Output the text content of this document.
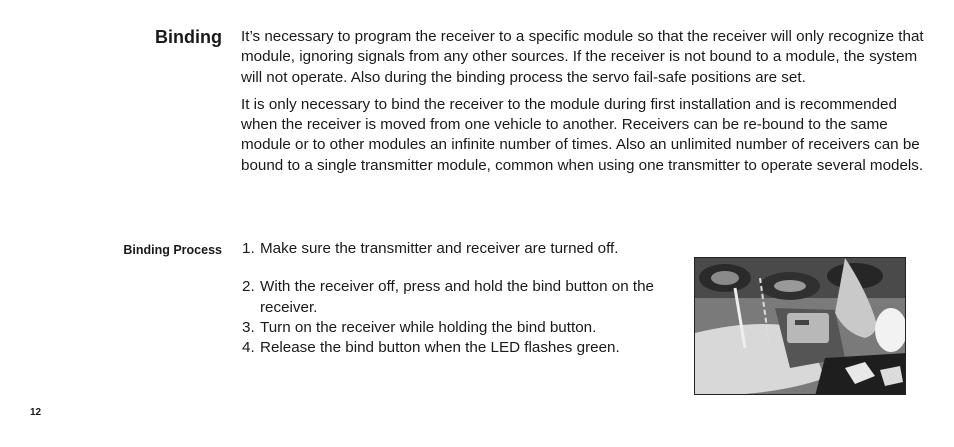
Binding It’s necessary to program the receiver to a specific module so that the receiver will only recognize that module, ignoring signals from any other sources. If the receiver is not bound to a module, the system will not operate. Also during the binding process the servo fail-safe positions are set.

It is only necessary to bind the receiver to the module during first installation and is recommended when the receiver is moved from one vehicle to another. Receivers can be re-bound to the same module or to other modules an infinite number of times. Also an unlimited number of receivers can be bound to a single transmitter module, common when using one transmitter to operate several models.

Binding Process 1. Make sure the transmitter and receiver are turned off.
2. With the receiver off, press and hold the bind button on the receiver.
3. Turn on the receiver while holding the bind button.
4. Release the bind button when the LED flashes green.
12
